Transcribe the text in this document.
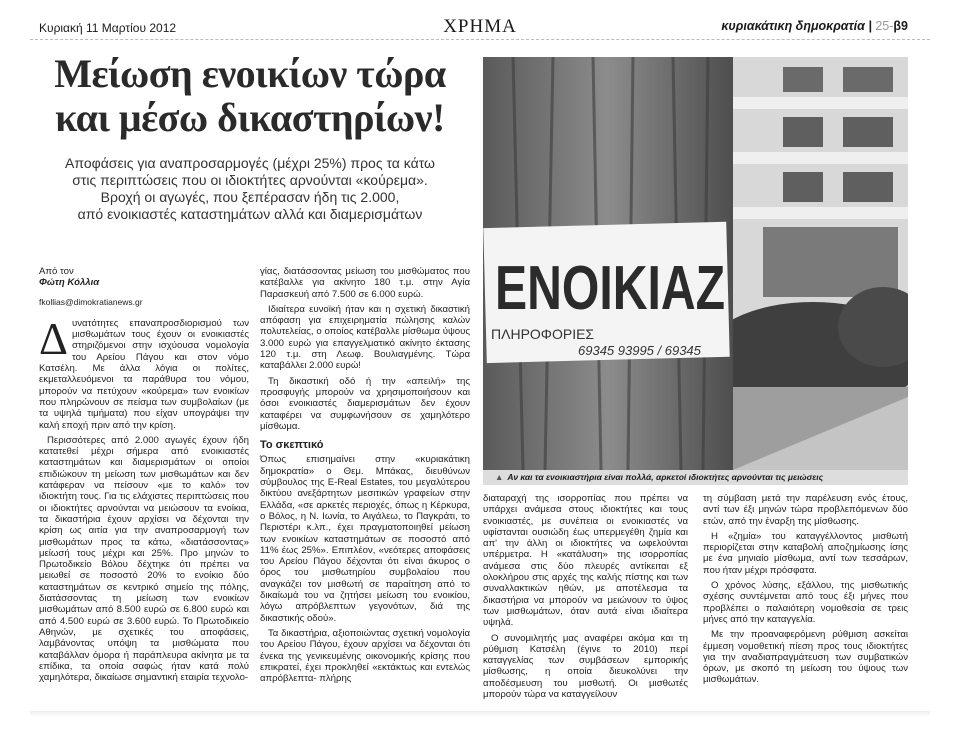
Κυριακή 11 Μαρτίου 2012	ΧΡΗΜΑ	κυριακάτικη δημοκρατία | 25-β9
Μείωση ενοικίων τώρα
και μέσω δικαστηρίων!
Αποφάσεις για αναπροσαρμογές (μέχρι 25%) προς τα κάτω
στις περιπτώσεις που οι ιδιοκτήτες αρνούνται «κούρεμα».
Βροχή οι αγωγές, που ξεπέρασαν ήδη τις 2.000,
από ενοικιαστές καταστημάτων αλλά και διαμερισμάτων
Από τον
Φώτη Κόλλια
fkollias@dimokratianews.gr

Δυνατότητες επαναπροσδιορισμού των μισθωμάτων τους έχουν οι ενοικιαστές στηριζόμενοι στην ισχύουσα νομολογία του Αρείου Πάγου και στον νόμο Κατσέλη. Με άλλα λόγια οι πολίτες, εκμεταλλευόμενοι τα παράθυρα του νόμου, μπορούν να πετύχουν «κούρεμα» των ενοικίων που πληρώνουν σε πείσμα των συμβολαίων (με τα υψηλά τιμήματα) που είχαν υπογράψει την καλή εποχή πριν από την κρίση.

Περισσότερες από 2.000 αγωγές έχουν ήδη κατατεθεί μέχρι σήμερα από ενοικιαστές καταστημάτων και διαμερισμάτων οι οποίοι επιδιώκουν τη μείωση των μισθωμάτων και δεν κατάφεραν να πείσουν «με το καλό» τον ιδιοκτήτη τους. Για τις ελάχιστες περιπτώσεις που οι ιδιοκτήτες αρνούνται να μειώσουν τα ενοίκια, τα δικαστήρια έχουν αρχίσει να δέχονται την κρίση ως αιτία για την αναπροσαρμογή των μισθωμάτων προς τα κάτω, «διατάσσοντας» μείωσή τους μέχρι και 25%. Προ μηνών το Πρωτοδικείο Βόλου δέχτηκε ότι πρέπει να μειωθεί σε ποσοστό 20% το ενοίκιο δύο καταστημάτων σε κεντρικό σημείο της πόλης, διατάσσοντας τη μείωση των ενοικίων μισθωμάτων από 8.500 ευρώ σε 6.800 ευρώ και από 4.500 ευρώ σε 3.600 ευρώ. Το Πρωτοδικείο Αθηνών, με σχετικές του αποφάσεις, λαμβάνοντας υπόψη τα μισθώματα που καταβάλλαν όμορα ή παράπλευρα ακίνητα με τα επίδικα, τα οποία σαφώς ήταν κατά πολύ χαμηλότερα, δικαίωσε σημαντική εταιρία τεχνολο-

γίας, διατάσσοντας μείωση του μισθώματος που κατέβαλλε για ακίνητο 180 τ.μ. στην Αγία Παρασκευή από 7.500 σε 6.000 ευρώ.

Ιδιαίτερα ευνοϊκή ήταν και η σχετική δικαστική απόφαση για επιχειρηματία πώλησης καλών πολυτελείας, ο οποίος κατέβαλλε μίσθωμα ύψους 3.000 ευρώ για επαγγελματικό ακίνητο έκτασης 120 τ.μ. στη Λεωφ. Βουλιαγμένης. Τώρα καταβάλλει 2.000 ευρώ!

Τη δικαστική οδό ή την «απειλή» της προσφυγής μπορούν να χρησιμοποιήσουν και όσοι ενοικιαστές διαμερισμάτων δεν έχουν καταφέρει να συμφωνήσουν σε χαμηλότερο μίσθωμα.

Το σκεπτικό

Όπως επισημαίνει στην «κυριακάτικη δημοκρατία» ο Θεμ. Μπάκας, διευθύνων σύμβουλος της E-Real Estates, του μεγαλύτερου δικτύου ανεξάρτητων μεσιτικών γραφείων στην Ελλάδα, «σε αρκετές περιοχές, όπως η Κέρκυρα, ο Βόλος, η Ν. Ιωνία, το Αιγάλεω, το Παγκράτι, το Περιστέρι κ.λπ., έχει πραγματοποιηθεί μείωση των ενοικίων καταστημάτων σε ποσοστό από 11% έως 25%». Επιπλέον, «νεότερες αποφάσεις του Αρείου Πάγου δέχονται ότι είναι άκυρος ο όρος του μισθωτηρίου συμβολαίου που αναγκάζει τον μισθωτή σε παραίτηση από το δικαίωμά του να ζητήσει μείωση του ενοικίου, λόγω απρόβλεπτων γεγονότων, διά της δικαστικής οδού».

Τα δικαστήρια, αξιοποιώντας σχετική νομολογία του Αρείου Πάγου, έχουν αρχίσει να δέχονται ότι ένεκα της γενικευμένης οικονομικής κρίσης που επικρατεί, έχει προκληθεί «εκτάκτως και εντελώς απρόβλεπτα- πλήρης

ΕΝΟΙΚΙΑΖ
ΠΛΗΡΟΦΟΡΙΕΣ
69345 93995 / 69345
▲ Αν και τα ενοικιαστήρια είναι πολλά, αρκετοί ιδιοκτήτες αρνούνται τις μειώσεις

διαταραχή της ισορροπίας που πρέπει να υπάρχει ανάμεσα στους ιδιοκτήτες και τους ενοικιαστές, με συνέπεια οι ενοικιαστές να υφίστανται ουσιώδη έως υπερμεγέθη ζημία και απ' την άλλη οι ιδιοκτήτες να ωφελούνται υπέρμετρα. Η «κατάλυση» της ισορροπίας ανάμεσα στις δύο πλευρές αντίκειται εξ ολοκλήρου στις αρχές της καλής πίστης και των συναλλακτικών ηθών, με αποτέλεσμα τα δικαστήρια να μπορούν να μειώνουν το ύψος των μισθωμάτων, όταν αυτά είναι ιδιαίτερα υψηλά.

Ο συνομιλητής μας αναφέρει ακόμα και τη ρύθμιση Κατσέλη (έγινε το 2010) περί καταγγελίας των συμβάσεων εμπορικής μίσθωσης, η οποία διευκολύνει την αποδέσμευση του μισθωτή. Οι μισθωτές μπορούν τώρα να καταγγείλουν

τη σύμβαση μετά την παρέλευση ενός έτους, αντί των έξι μηνών τώρα προβλεπόμενων δύο ετών, από την έναρξη της μίσθωσης.

Η «ζημία» του καταγγέλλοντος μισθωτή περιορίζεται στην καταβολή αποζημίωσης ίσης με ένα μηνιαίο μίσθωμα, αντί των τεσσάρων, που ήταν μέχρι πρόσφατα.

Ο χρόνος λύσης, εξάλλου, της μισθωτικής σχέσης συντέμνεται από τους έξι μήνες που προβλέπει ο παλαιότερη νομοθεσία σε τρεις μήνες από την καταγγελία.

Με την προαναφερόμενη ρύθμιση ασκείται έμμεση νομοθετική πίεση προς τους ιδιοκτήτες για την αναδιαπραγμάτευση των συμβατικών όρων, με σκοπό τη μείωση του ύψους των μισθωμάτων.
